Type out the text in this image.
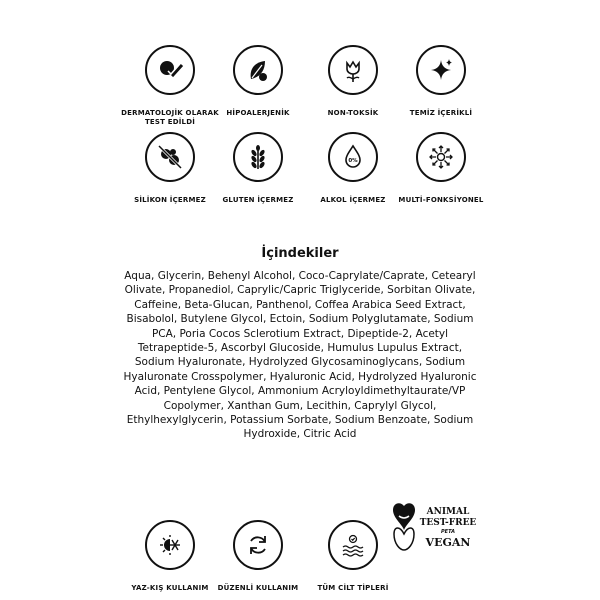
DERMATOLOJİK OLARAK TEST EDİLDİ
HİPOALERJENİK	NON-TOKSİK	TEMİZ İÇERİKLİ
SİLİKON İÇERMEZ	GLUTEN İÇERMEZ
0%
ALKOL İÇERMEZ	MULTİ-FONKSİYONEL
İçindekiler
Aqua, Glycerin, Behenyl Alcohol, Coco-Caprylate/Caprate, Cetearyl Olivate, Propanediol, Caprylic/Capric Triglyceride, Sorbitan Olivate, Caffeine, Beta-Glucan, Panthenol, Coffea Arabica Seed Extract, Bisabolol, Butylene Glycol, Ectoin, Sodium Polyglutamate, Sodium PCA, Poria Cocos Sclerotium Extract, Dipeptide-2, Acetyl Tetrapeptide-5, Ascorbyl Glucoside, Humulus Lupulus Extract, Sodium Hyaluronate, Hydrolyzed Glycosaminoglycans, Sodium Hyaluronate Crosspolymer, Hyaluronic Acid, Hydrolyzed Hyaluronic Acid, Pentylene Glycol, Ammonium Acryloyldimethyltaurate/VP Copolymer, Xanthan Gum, Lecithin, Caprylyl Glycol, Ethylhexylglycerin, Potassium Sorbate, Sodium Benzoate, Sodium Hydroxide, Citric Acid
YAZ-KIŞ KULLANIM	DÜZENLİ KULLANIM	TÜM CİLT TİPLERİ
ANIMAL
TEST-FREE
PETA
VEGAN
